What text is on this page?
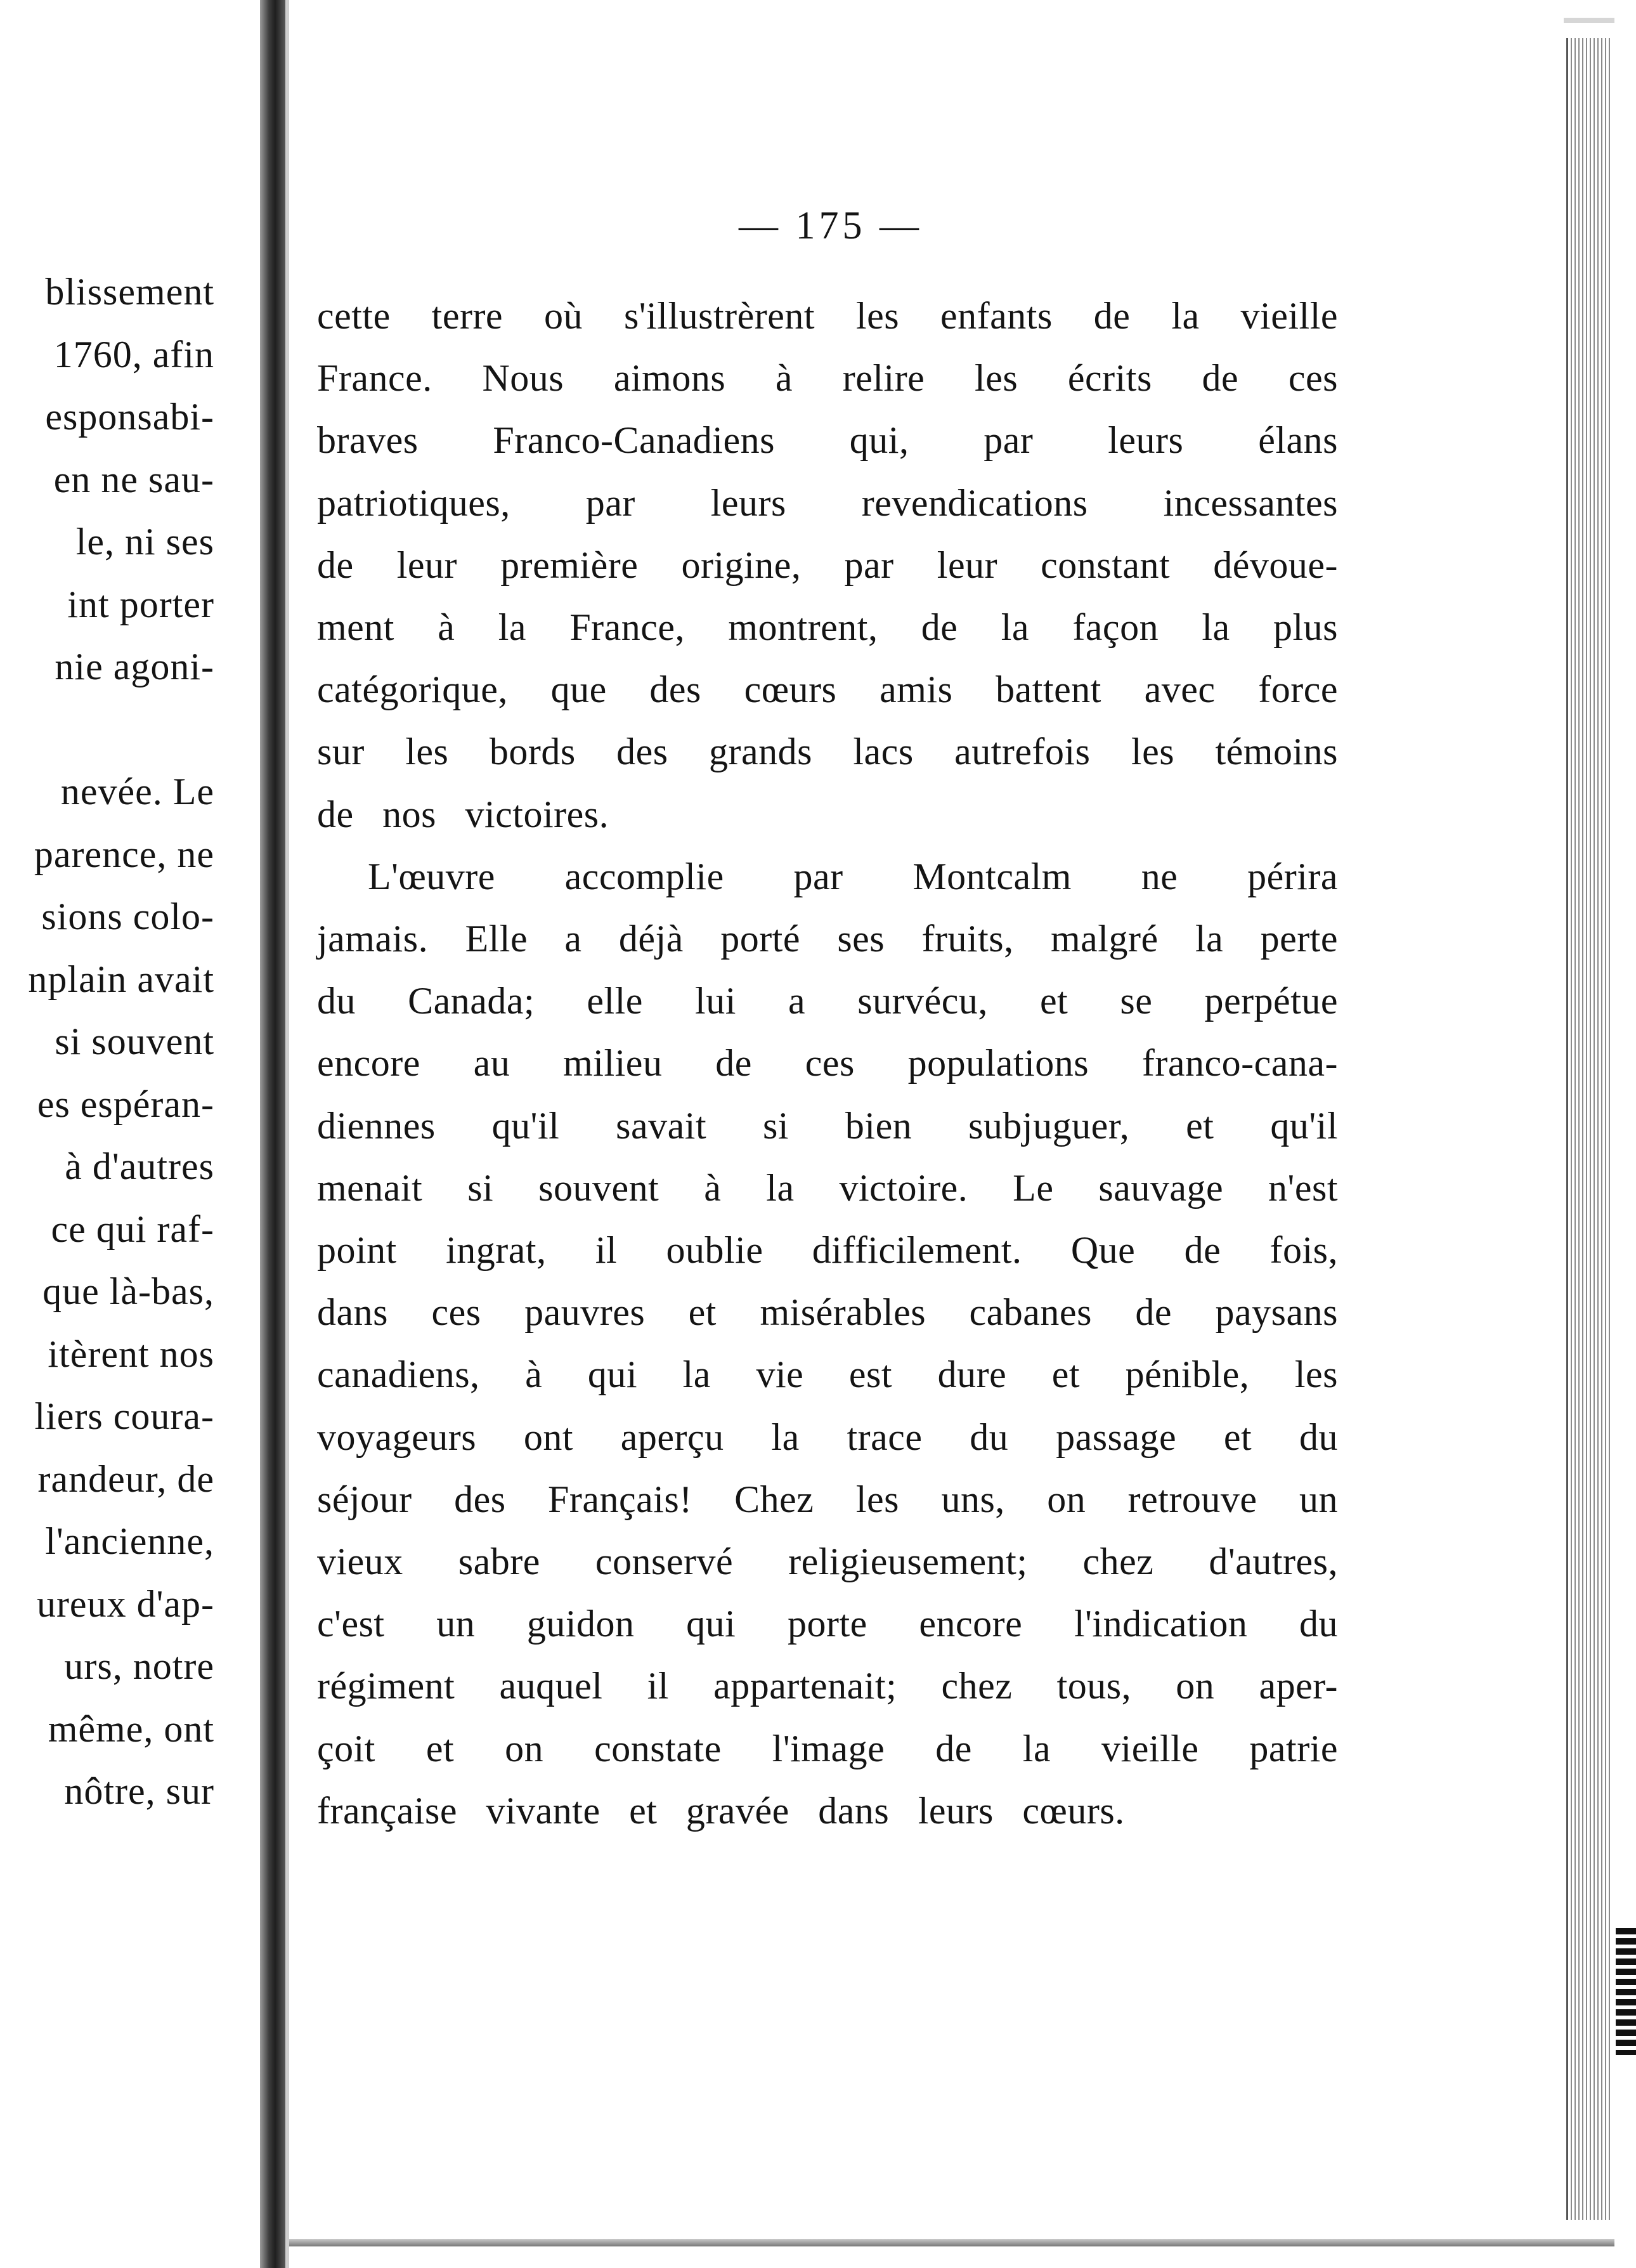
blissement
1760, afin
esponsabi-
en ne sau-
le, ni ses
int porter
nie agoni-
nevée. Le
parence, ne
sions colo-
nplain avait
si souvent
es espéran-
à d'autres
ce qui raf-
que là-bas,
itèrent nos
liers coura-
randeur, de
l'ancienne,
ureux d'ap-
urs, notre
même, ont
nôtre, sur
— 175 —
cette terre où s'illustrèrent les enfants de la vieille
France. Nous aimons à relire les écrits de ces
braves Franco-Canadiens qui, par leurs élans
patriotiques, par leurs revendications incessantes
de leur première origine, par leur constant dévoue-
ment à la France, montrent, de la façon la plus
catégorique, que des cœurs amis battent avec force
sur les bords des grands lacs autrefois les témoins
de nos victoires.
L'œuvre accomplie par Montcalm ne périra
jamais. Elle a déjà porté ses fruits, malgré la perte
du Canada; elle lui a survécu, et se perpétue
encore au milieu de ces populations franco-cana-
diennes qu'il savait si bien subjuguer, et qu'il
menait si souvent à la victoire. Le sauvage n'est
point ingrat, il oublie difficilement. Que de fois,
dans ces pauvres et misérables cabanes de paysans
canadiens, à qui la vie est dure et pénible, les
voyageurs ont aperçu la trace du passage et du
séjour des Français! Chez les uns, on retrouve un
vieux sabre conservé religieusement; chez d'autres,
c'est un guidon qui porte encore l'indication du
régiment auquel il appartenait; chez tous, on aper-
çoit et on constate l'image de la vieille patrie
française vivante et gravée dans leurs cœurs.
